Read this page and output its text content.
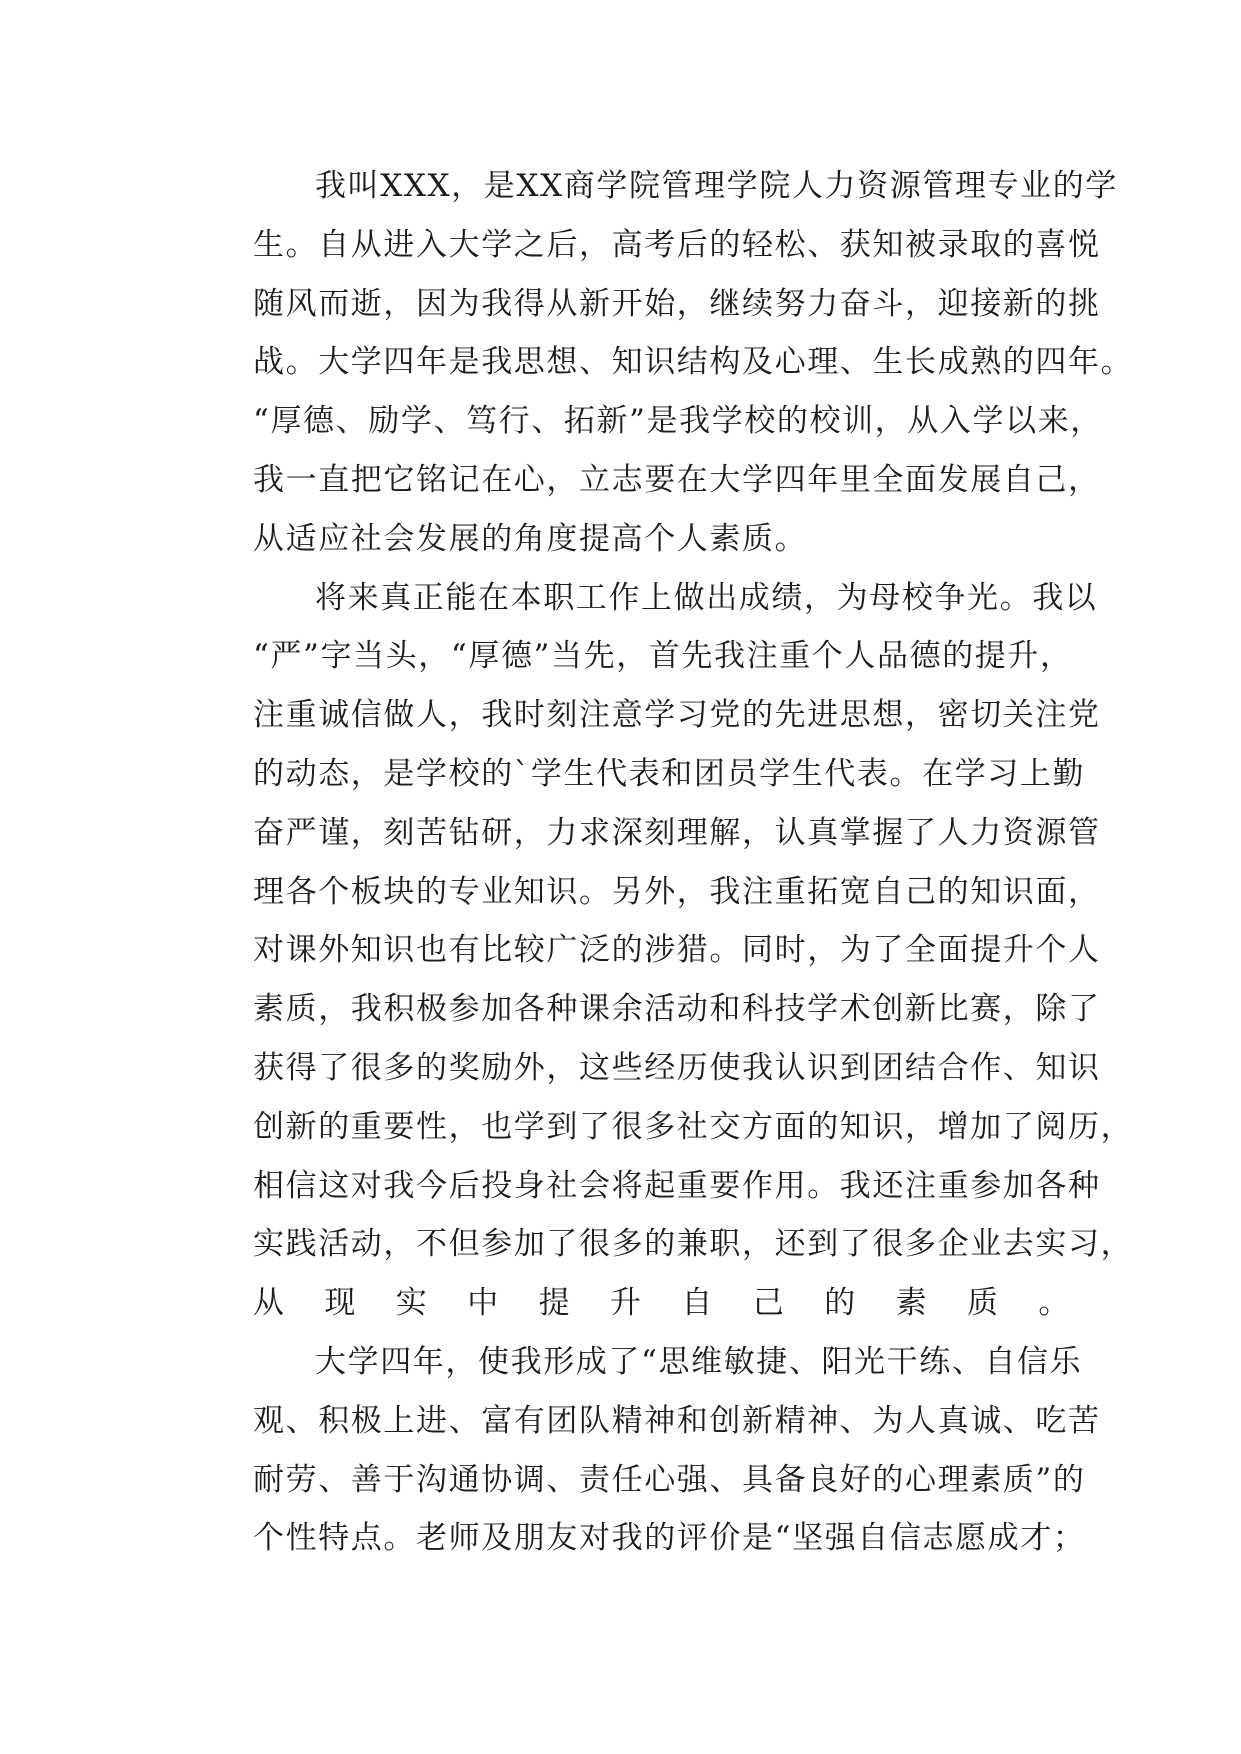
我叫XXX，是XX商学院管理学院人力资源管理专业的学
生。自从进入大学之后，高考后的轻松、获知被录取的喜悦
随风而逝，因为我得从新开始，继续努力奋斗，迎接新的挑
战。大学四年是我思想、知识结构及心理、生长成熟的四年。
“厚德、励学、笃行、拓新”是我学校的校训，从入学以来，
我一直把它铭记在心，立志要在大学四年里全面发展自己，
从适应社会发展的角度提高个人素质。
将来真正能在本职工作上做出成绩，为母校争光。我以
“严”字当头，“厚德”当先，首先我注重个人品德的提升，
注重诚信做人，我时刻注意学习党的先进思想，密切关注党
的动态，是学校的`学生代表和团员学生代表。在学习上勤
奋严谨，刻苦钻研，力求深刻理解，认真掌握了人力资源管
理各个板块的专业知识。另外，我注重拓宽自己的知识面，
对课外知识也有比较广泛的涉猎。同时，为了全面提升个人
素质，我积极参加各种课余活动和科技学术创新比赛，除了
获得了很多的奖励外，这些经历使我认识到团结合作、知识
创新的重要性，也学到了很多社交方面的知识，增加了阅历，
相信这对我今后投身社会将起重要作用。我还注重参加各种
实践活动，不但参加了很多的兼职，还到了很多企业去实习，
从现实中提升自己的素质。
大学四年，使我形成了“思维敏捷、阳光干练、自信乐
观、积极上进、富有团队精神和创新精神、为人真诚、吃苦
耐劳、善于沟通协调、责任心强、具备良好的心理素质”的
个性特点。老师及朋友对我的评价是“坚强自信志愿成才；
